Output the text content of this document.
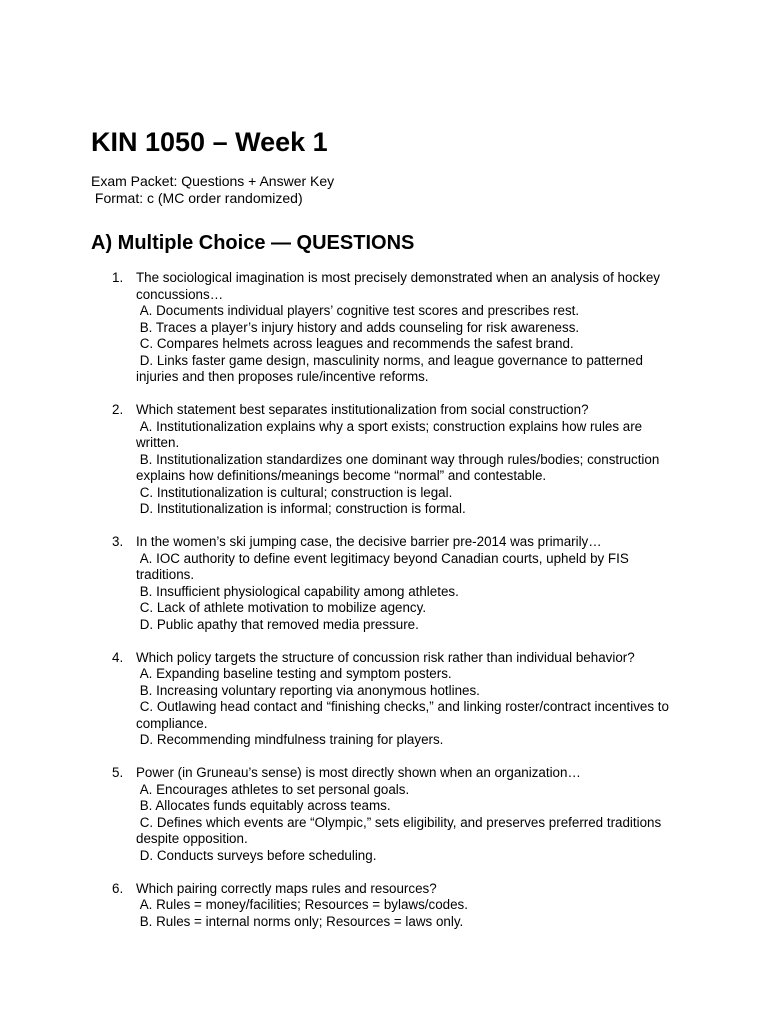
KIN 1050 – Week 1

Exam Packet: Questions + Answer Key

Format: c (MC order randomized)

A) Multiple Choice — QUESTIONS
1. The sociological imagination is most precisely demonstrated when an analysis of hockey concussions…
A. Documents individual players’ cognitive test scores and prescribes rest.
B. Traces a player’s injury history and adds counseling for risk awareness.
C. Compares helmets across leagues and recommends the safest brand.
D. Links faster game design, masculinity norms, and league governance to patterned injuries and then proposes rule/incentive reforms.
2. Which statement best separates institutionalization from social construction?
A. Institutionalization explains why a sport exists; construction explains how rules are written.
B. Institutionalization standardizes one dominant way through rules/bodies; construction explains how definitions/meanings become “normal” and contestable.
C. Institutionalization is cultural; construction is legal.
D. Institutionalization is informal; construction is formal.
3. In the women’s ski jumping case, the decisive barrier pre-2014 was primarily…
A. IOC authority to define event legitimacy beyond Canadian courts, upheld by FIS traditions.
B. Insufficient physiological capability among athletes.
C. Lack of athlete motivation to mobilize agency.
D. Public apathy that removed media pressure.
4. Which policy targets the structure of concussion risk rather than individual behavior?
A. Expanding baseline testing and symptom posters.
B. Increasing voluntary reporting via anonymous hotlines.
C. Outlawing head contact and “finishing checks,” and linking roster/contract incentives to compliance.
D. Recommending mindfulness training for players.
5. Power (in Gruneau’s sense) is most directly shown when an organization…
A. Encourages athletes to set personal goals.
B. Allocates funds equitably across teams.
C. Defines which events are “Olympic,” sets eligibility, and preserves preferred traditions despite opposition.
D. Conducts surveys before scheduling.
6. Which pairing correctly maps rules and resources?
A. Rules = money/facilities; Resources = bylaws/codes.
B. Rules = internal norms only; Resources = laws only.
